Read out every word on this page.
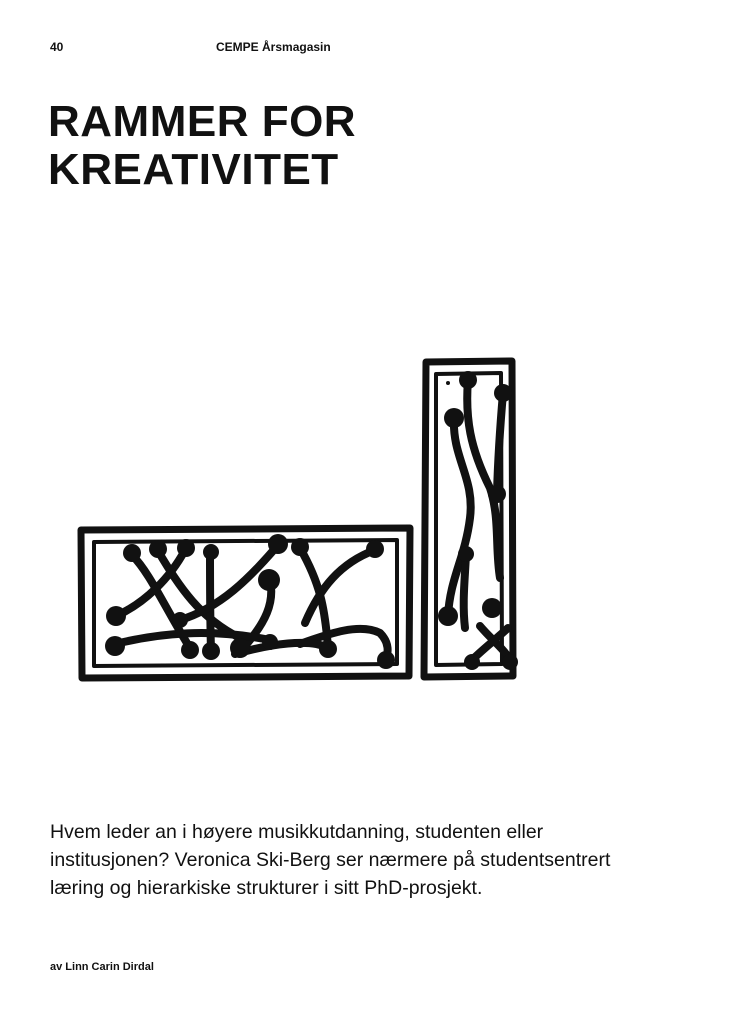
40	CEMPE Årsmagasin
RAMMER FOR
KREATIVITET

Hvem leder an i høyere musikkutdanning, studenten eller institusjonen? Veronica Ski-Berg ser nærmere på studentsentrert læring og hierarkiske strukturer i sitt PhD-prosjekt.

av Linn Carin Dirdal
